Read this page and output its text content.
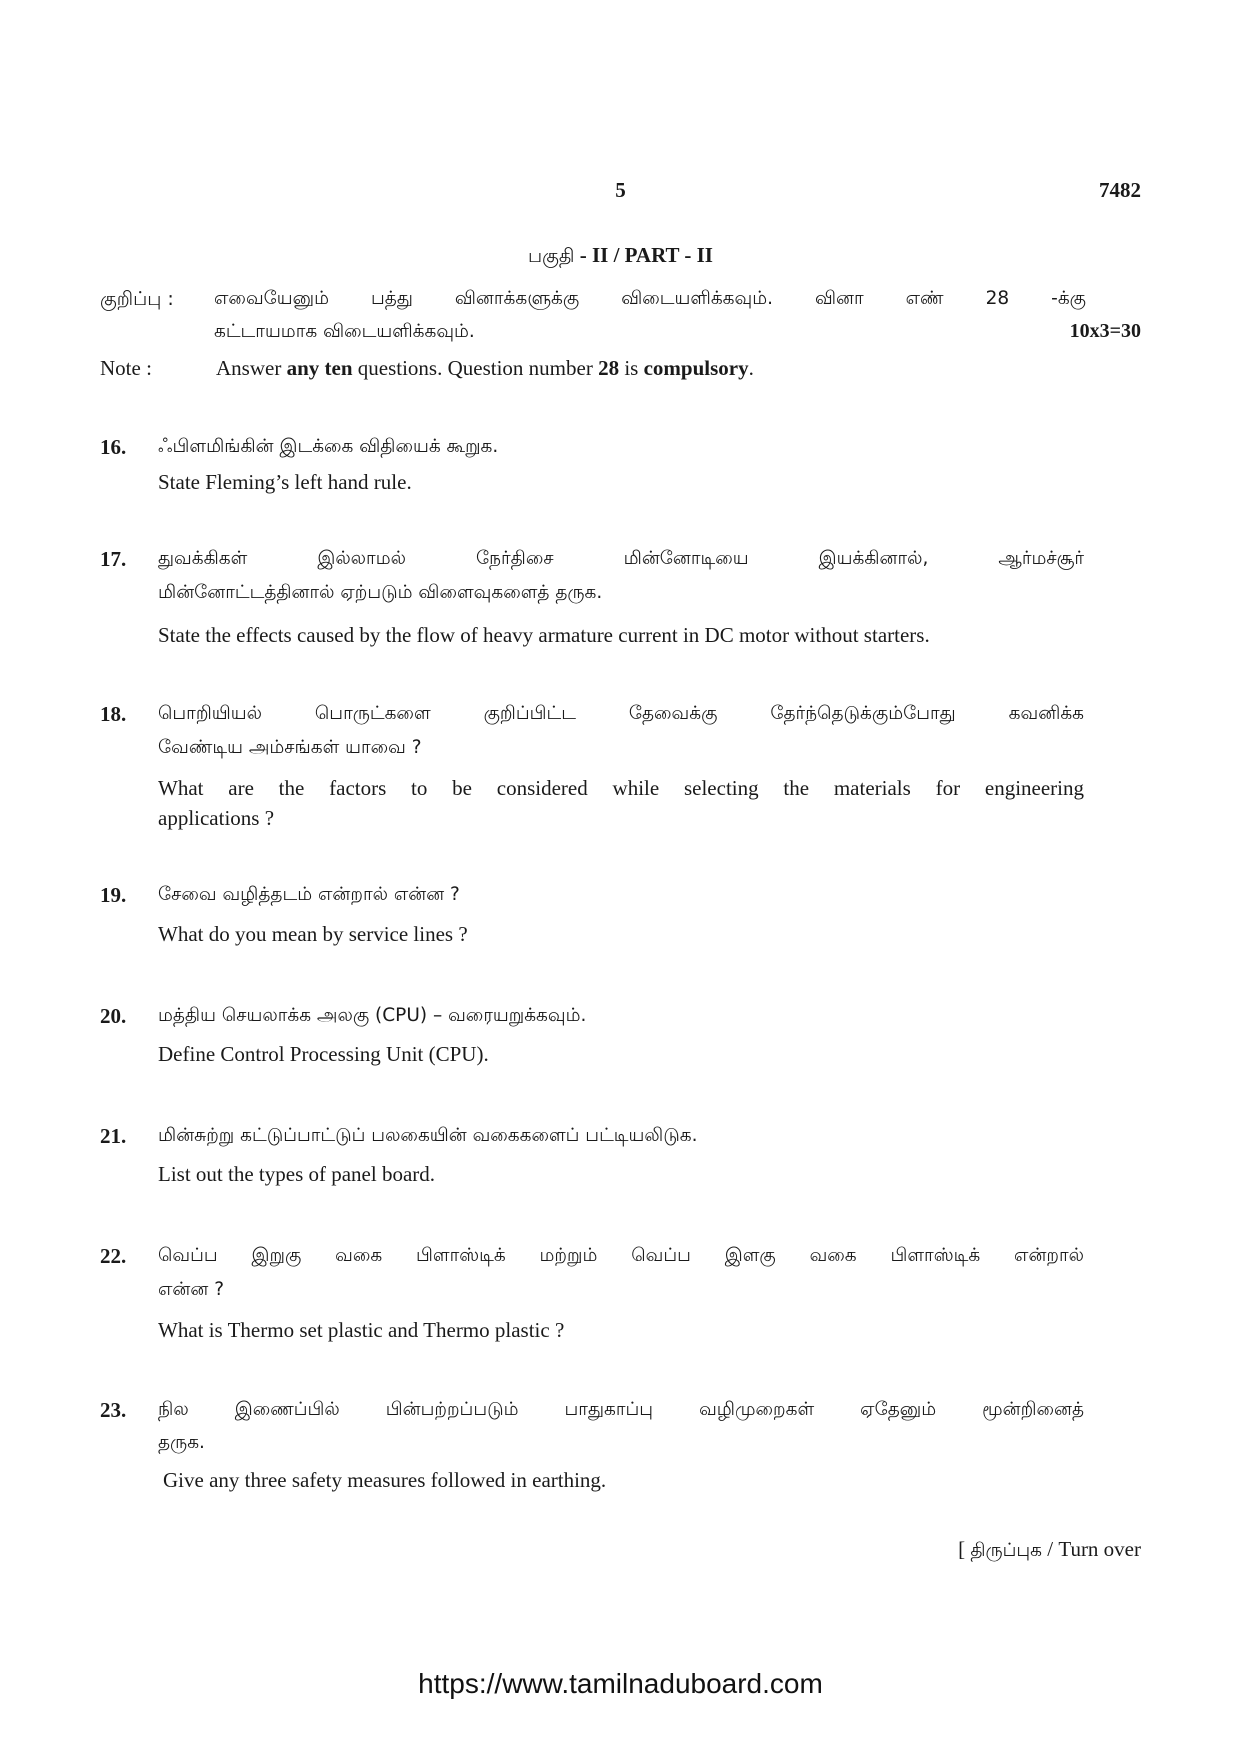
5	7482
பகுதி - II / PART - II
குறிப்பு : எவையேனும் பத்து வினாக்களுக்கு விடையளிக்கவும். வினா எண் 28 -க்கு
கட்டாயமாக விடையளிக்கவும்.	10x3=30
Note :	Answer any ten questions. Question number 28 is compulsory.
16. ஃபிளமிங்கின் இடக்கை விதியைக் கூறுக.
State Fleming’s left hand rule.
17. துவக்கிகள் இல்லாமல் நேர்திசை மின்னோடியை இயக்கினால், ஆர்மச்சூர்
மின்னோட்டத்தினால் ஏற்படும் விளைவுகளைத் தருக.
State the effects caused by the flow of heavy armature current in DC motor without starters.
18. பொறியியல் பொருட்களை குறிப்பிட்ட தேவைக்கு தேர்ந்தெடுக்கும்போது கவனிக்க
வேண்டிய அம்சங்கள் யாவை ?
What are the factors to be considered while selecting the materials for engineering
applications ?
19. சேவை வழித்தடம் என்றால் என்ன ?
What do you mean by service lines ?
20. மத்திய செயலாக்க அலகு (CPU) – வரையறுக்கவும்.
Define Control Processing Unit (CPU).
21. மின்சுற்று கட்டுப்பாட்டுப் பலகையின் வகைகளைப் பட்டியலிடுக.
List out the types of panel board.
22. வெப்ப இறுகு வகை பிளாஸ்டிக் மற்றும் வெப்ப இளகு வகை பிளாஸ்டிக் என்றால்
என்ன ?
What is Thermo set plastic and Thermo plastic ?
23. நில இணைப்பில் பின்பற்றப்படும் பாதுகாப்பு வழிமுறைகள் ஏதேனும் மூன்றினைத்
தருக.
Give any three safety measures followed in earthing.
[ திருப்புக / Turn over
https://www.tamilnaduboard.com
